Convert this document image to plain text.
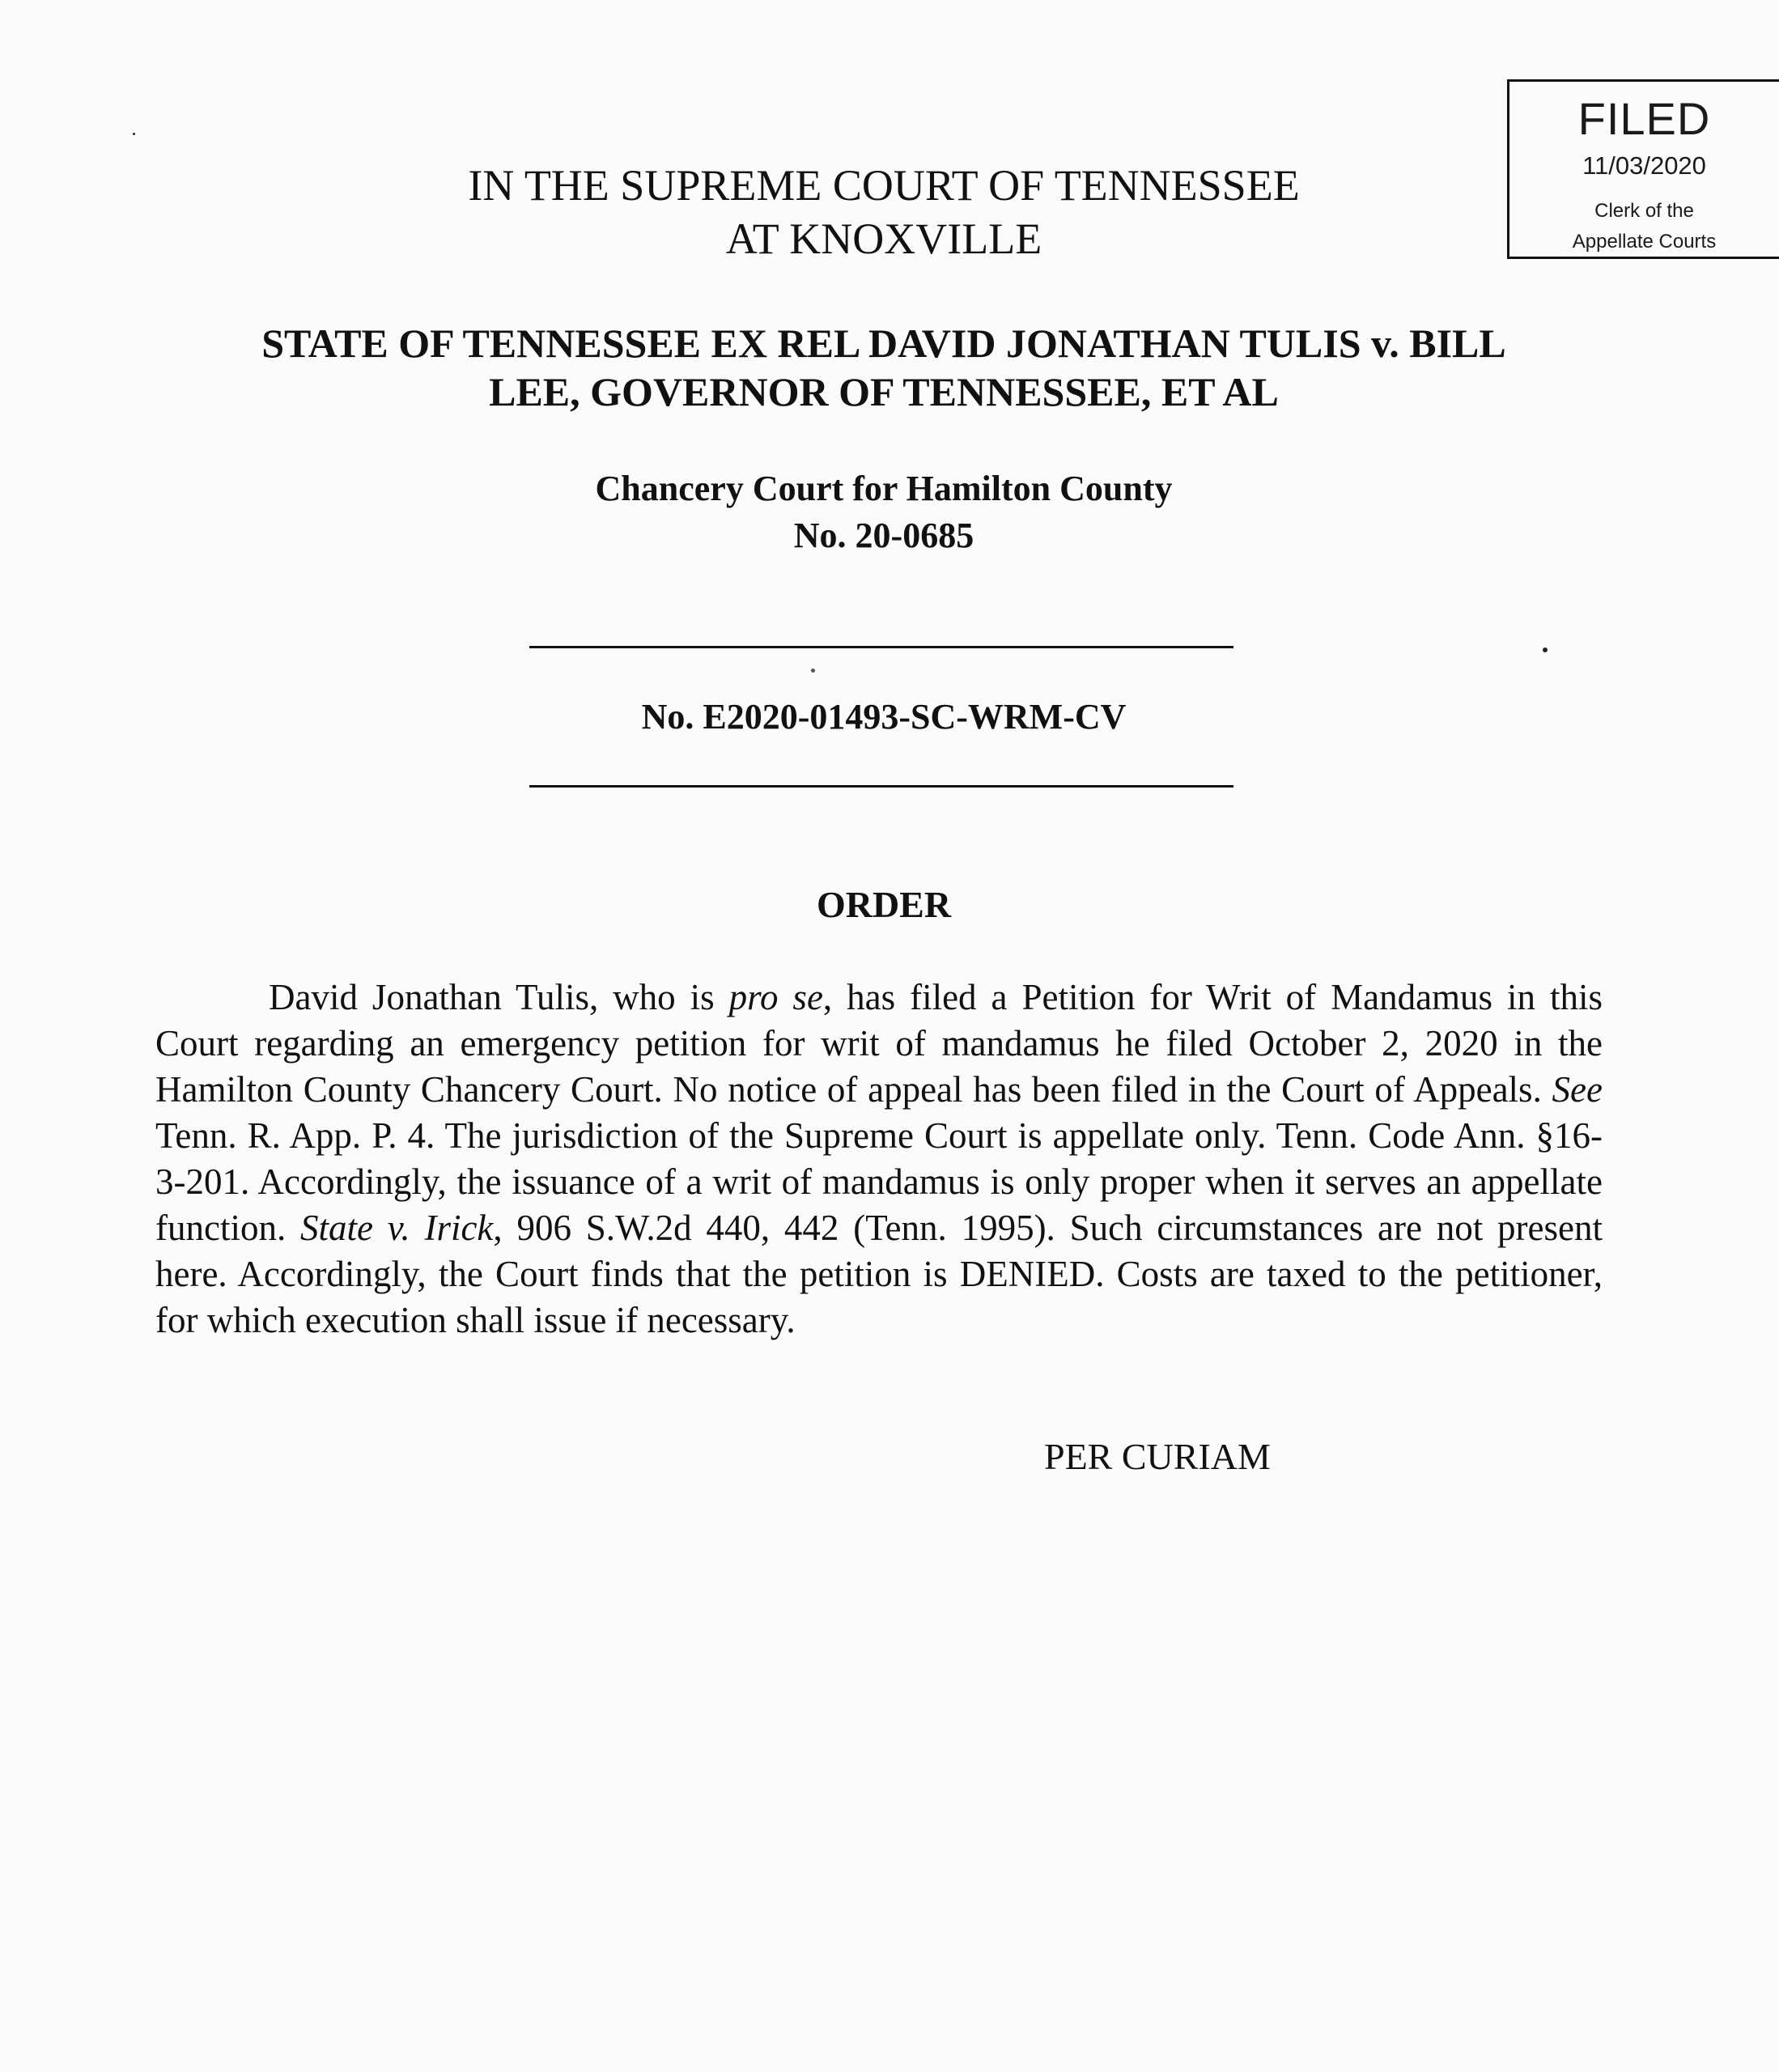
FILED
11/03/2020
Clerk of the
Appellate Courts
IN THE SUPREME COURT OF TENNESSEE
AT KNOXVILLE
STATE OF TENNESSEE EX REL DAVID JONATHAN TULIS v. BILL
LEE, GOVERNOR OF TENNESSEE, ET AL
Chancery Court for Hamilton County
No. 20-0685
No. E2020-01493-SC-WRM-CV
ORDER

David Jonathan Tulis, who is pro se, has filed a Petition for Writ of Mandamus in this Court regarding an emergency petition for writ of mandamus he filed October 2, 2020 in the Hamilton County Chancery Court. No notice of appeal has been filed in the Court of Appeals. See Tenn. R. App. P. 4. The jurisdiction of the Supreme Court is appellate only. Tenn. Code Ann. §16-3-201. Accordingly, the issuance of a writ of mandamus is only proper when it serves an appellate function. State v. Irick, 906 S.W.2d 440, 442 (Tenn. 1995). Such circumstances are not present here. Accordingly, the Court finds that the petition is DENIED. Costs are taxed to the petitioner, for which execution shall issue if necessary.

PER CURIAM
